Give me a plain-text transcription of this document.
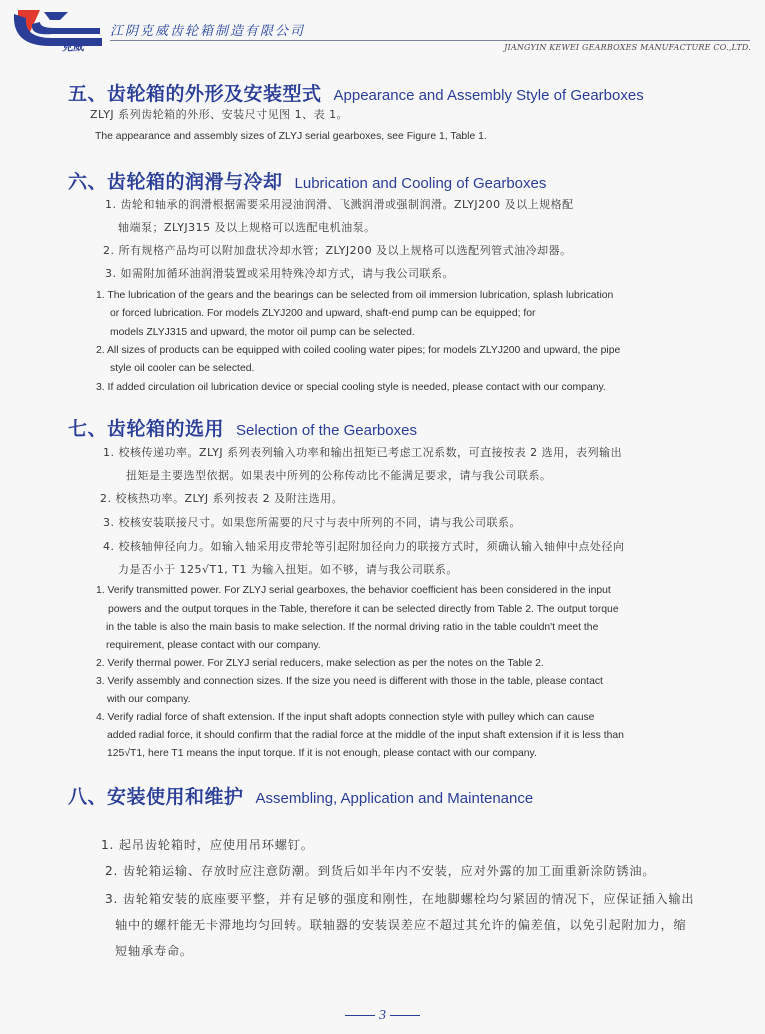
克威
江阴克威齿轮箱制造有限公司
JIANGYIN KEWEI GEARBOXES MANUFACTURE CO.,LTD.
五、齿轮箱的外形及安装型式 Appearance and Assembly Style of Gearboxes
ZLYJ 系列齿轮箱的外形、安装尺寸见图 1、表 1。
The appearance and assembly sizes of ZLYJ serial gearboxes, see Figure 1, Table 1.
六、齿轮箱的润滑与冷却 Lubrication and Cooling of Gearboxes
1. 齿轮和轴承的润滑根据需要采用浸油润滑、飞溅润滑或强制润滑。ZLYJ200 及以上规格配
轴端泵；ZLYJ315 及以上规格可以选配电机油泵。
2. 所有规格产品均可以附加盘状冷却水管；ZLYJ200 及以上规格可以选配列管式油冷却器。
3. 如需附加循环油润滑装置或采用特殊冷却方式，请与我公司联系。
1. The lubrication of the gears and the bearings can be selected from oil immersion lubrication, splash lubrication
or forced lubrication. For models ZLYJ200 and upward, shaft-end pump can be equipped; for
models ZLYJ315 and upward, the motor oil pump can be selected.
2. All sizes of products can be equipped with coiled cooling water pipes; for models ZLYJ200 and upward, the pipe
style oil cooler can be selected.
3. If added circulation oil lubrication device or special cooling style is needed, please contact with our company.
七、齿轮箱的选用 Selection of the Gearboxes
1. 校核传递功率。ZLYJ 系列表列输入功率和输出扭矩已考虑工况系数，可直接按表 2 选用，表列输出
扭矩是主要选型依据。如果表中所列的公称传动比不能满足要求，请与我公司联系。
2. 校核热功率。ZLYJ 系列按表 2 及附注选用。
3. 校核安装联接尺寸。如果您所需要的尺寸与表中所列的不同，请与我公司联系。
4. 校核轴伸径向力。如输入轴采用皮带轮等引起附加径向力的联接方式时，须确认输入轴伸中点处径向
力是否小于 125√T1, T1 为输入扭矩。如不够，请与我公司联系。
1. Verify transmitted power. For ZLYJ serial gearboxes, the behavior coefficient has been considered in the input
powers and the output torques in the Table, therefore it can be selected directly from Table 2. The output torque
in the table is also the main basis to make selection. If the normal driving ratio in the table couldn't meet the
requirement, please contact with our company.
2. Verify thermal power. For ZLYJ serial reducers, make selection as per the notes on the Table 2.
3. Verify assembly and connection sizes. If the size you need is different with those in the table, please contact
with our company.
4. Verify radial force of shaft extension. If the input shaft adopts connection style with pulley which can cause
added radial force, it should confirm that the radial force at the middle of the input shaft extension if it is less than
125√T1, here T1 means the input torque. If it is not enough, please contact with our company.
八、安装使用和维护 Assembling, Application and Maintenance
1. 起吊齿轮箱时，应使用吊环螺钉。
2. 齿轮箱运输、存放时应注意防潮。到货后如半年内不安装，应对外露的加工面重新涂防锈油。
3. 齿轮箱安装的底座要平整，并有足够的强度和刚性，在地脚螺栓均匀紧固的情况下，应保证插入输出
轴中的螺杆能无卡滞地均匀回转。联轴器的安装误差应不超过其允许的偏差值，以免引起附加力，缩
短轴承寿命。
3
